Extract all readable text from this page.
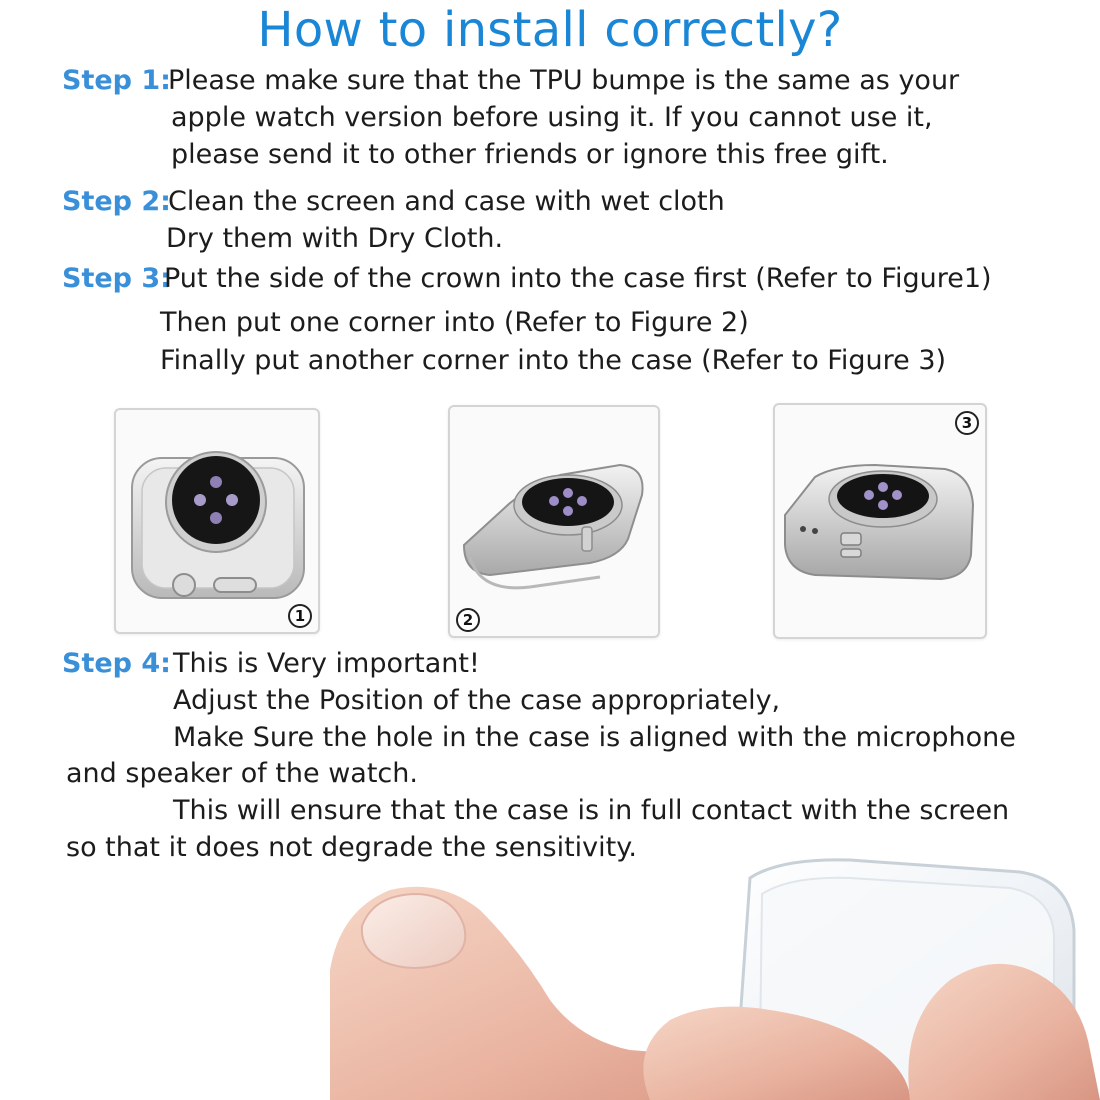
How to install correctly?
Step 1:
Please make sure that the TPU bumpe is the same as your
apple watch version before using it. If you cannot use it,
please send it to other friends or ignore this free gift.
Step 2:
Clean the screen and case with wet cloth
Dry them with Dry Cloth.
Step 3:
Put the side of the crown into the case first (Refer to Figure1)
Then put one corner into (Refer to Figure 2)
Finally put another corner into the case (Refer to Figure 3)
1	2
3
Step 4: This is Very important!
Adjust the Position of the case appropriately,
Make Sure the hole in the case is aligned with the microphone
and speaker of the watch.
This will ensure that the case is in full contact with the screen
so that it does not degrade the sensitivity.
